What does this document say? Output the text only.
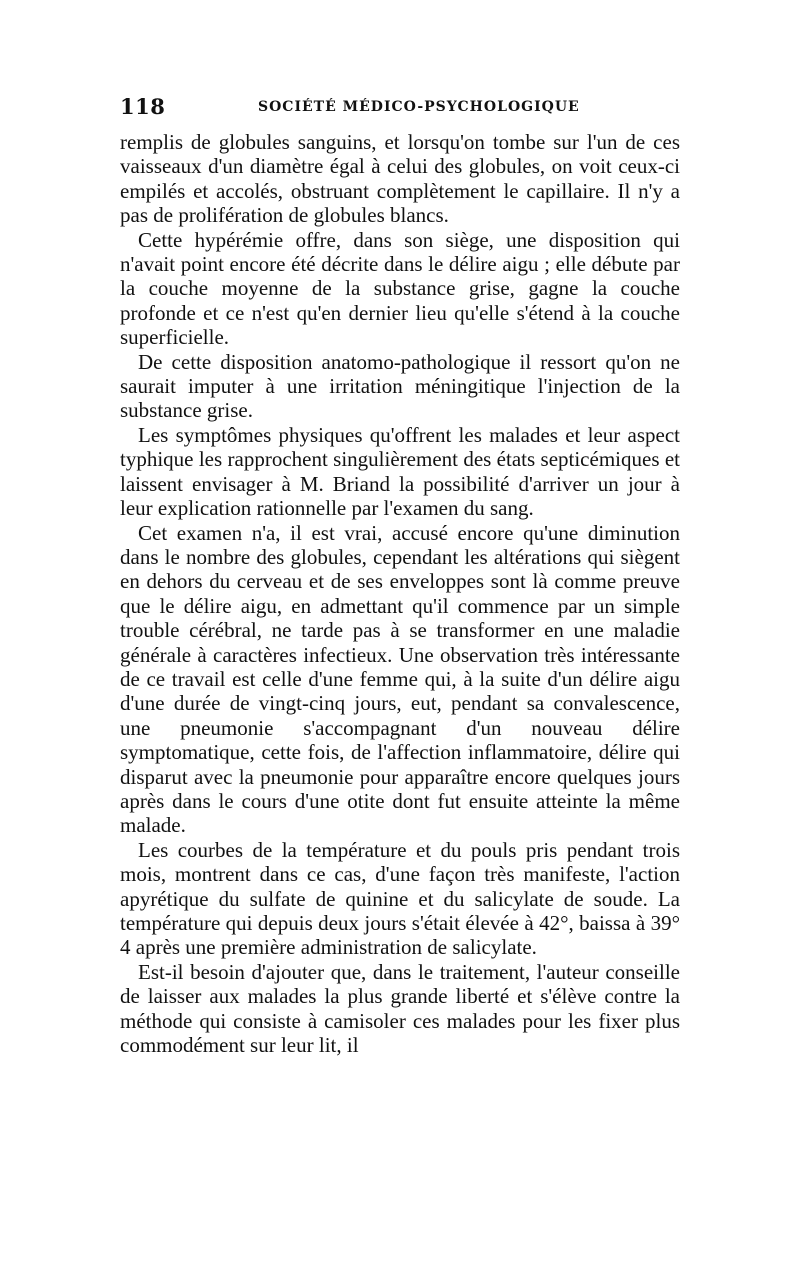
118	SOCIÉTÉ MÉDICO-PSYCHOLOGIQUE

remplis de globules sanguins, et lorsqu'on tombe sur l'un de ces vaisseaux d'un diamètre égal à celui des globules, on voit ceux-ci empilés et accolés, obstruant complètement le capillaire. Il n'y a pas de prolifération de globules blancs.

Cette hypérémie offre, dans son siège, une disposition qui n'avait point encore été décrite dans le délire aigu ; elle débute par la couche moyenne de la substance grise, gagne la couche profonde et ce n'est qu'en dernier lieu qu'elle s'étend à la couche superficielle.

De cette disposition anatomo-pathologique il ressort qu'on ne saurait imputer à une irritation méningitique l'injection de la substance grise.

Les symptômes physiques qu'offrent les malades et leur aspect typhique les rapprochent singulièrement des états septicémiques et laissent envisager à M. Briand la possibilité d'arriver un jour à leur explication rationnelle par l'examen du sang.

Cet examen n'a, il est vrai, accusé encore qu'une diminution dans le nombre des globules, cependant les altérations qui siègent en dehors du cerveau et de ses enveloppes sont là comme preuve que le délire aigu, en admettant qu'il commence par un simple trouble cérébral, ne tarde pas à se transformer en une maladie générale à caractères infectieux. Une observation très intéressante de ce travail est celle d'une femme qui, à la suite d'un délire aigu d'une durée de vingt-cinq jours, eut, pendant sa convalescence, une pneumonie s'accompagnant d'un nouveau délire symptomatique, cette fois, de l'affection inflammatoire, délire qui disparut avec la pneumonie pour apparaître encore quelques jours après dans le cours d'une otite dont fut ensuite atteinte la même malade.

Les courbes de la température et du pouls pris pendant trois mois, montrent dans ce cas, d'une façon très manifeste, l'action apyrétique du sulfate de quinine et du salicylate de soude. La température qui depuis deux jours s'était élevée à 42°, baissa à 39° 4 après une première administration de salicylate.

Est-il besoin d'ajouter que, dans le traitement, l'auteur conseille de laisser aux malades la plus grande liberté et s'élève contre la méthode qui consiste à camisoler ces malades pour les fixer plus commodément sur leur lit, il
